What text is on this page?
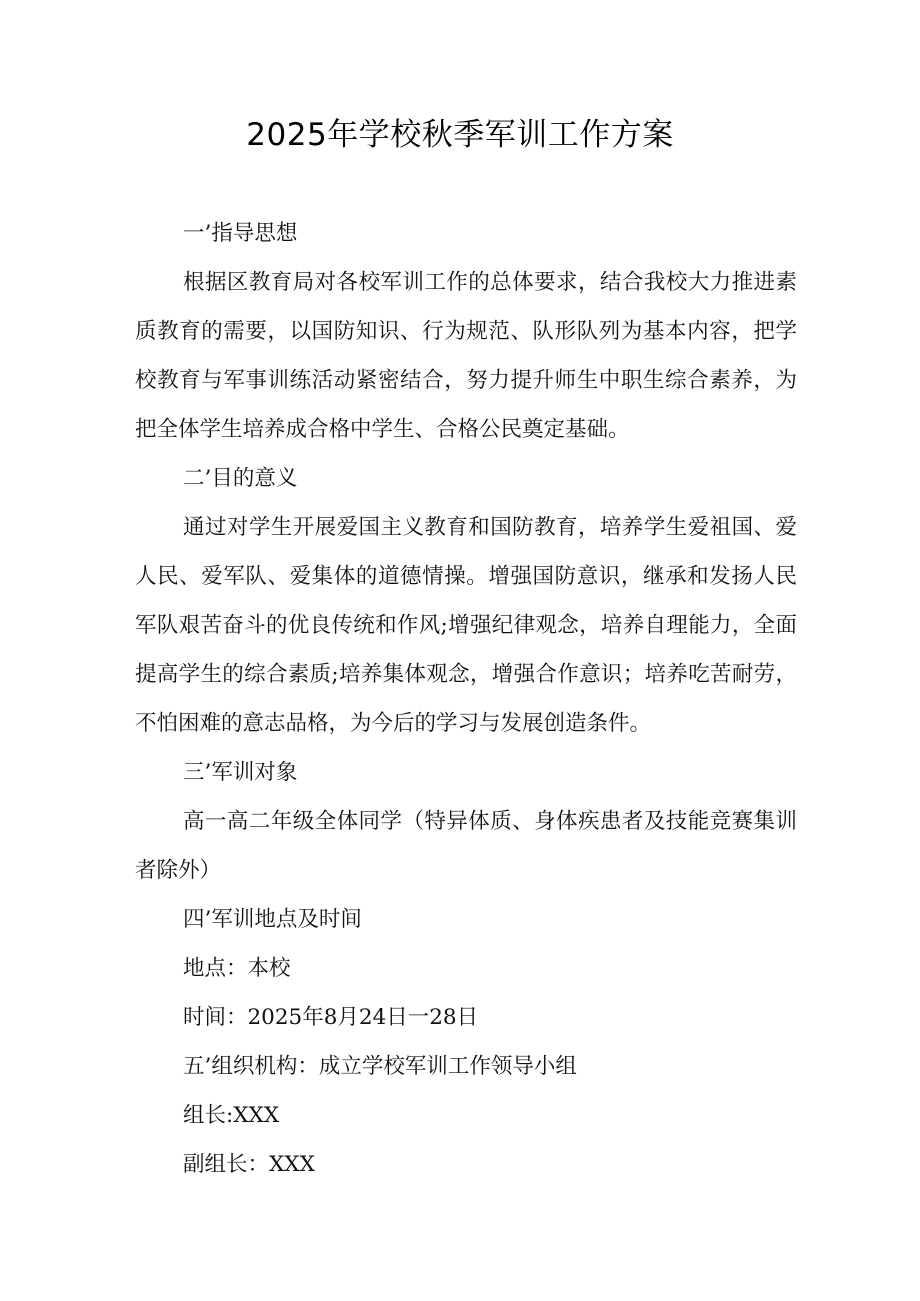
2025年学校秋季军训工作方案
一’指导思想

根据区教育局对各校军训工作的总体要求，结合我校大力推进素质教育的需要，以国防知识、行为规范、队形队列为基本内容，把学校教育与军事训练活动紧密结合，努力提升师生中职生综合素养，为把全体学生培养成合格中学生、合格公民奠定基础。

二’目的意义

通过对学生开展爱国主义教育和国防教育，培养学生爱祖国、爱人民、爱军队、爱集体的道德情操。增强国防意识，继承和发扬人民军队艰苦奋斗的优良传统和作风;增强纪律观念，培养自理能力，全面提高学生的综合素质;培养集体观念，增强合作意识；培养吃苦耐劳，不怕困难的意志品格，为今后的学习与发展创造条件。

三’军训对象

高一高二年级全体同学（特异体质、身体疾患者及技能竞赛集训者除外）

四’军训地点及时间
地点：本校
时间：2025年8月24日一28日
五’组织机构：成立学校军训工作领导小组
组长:XXX
副组长：XXX
